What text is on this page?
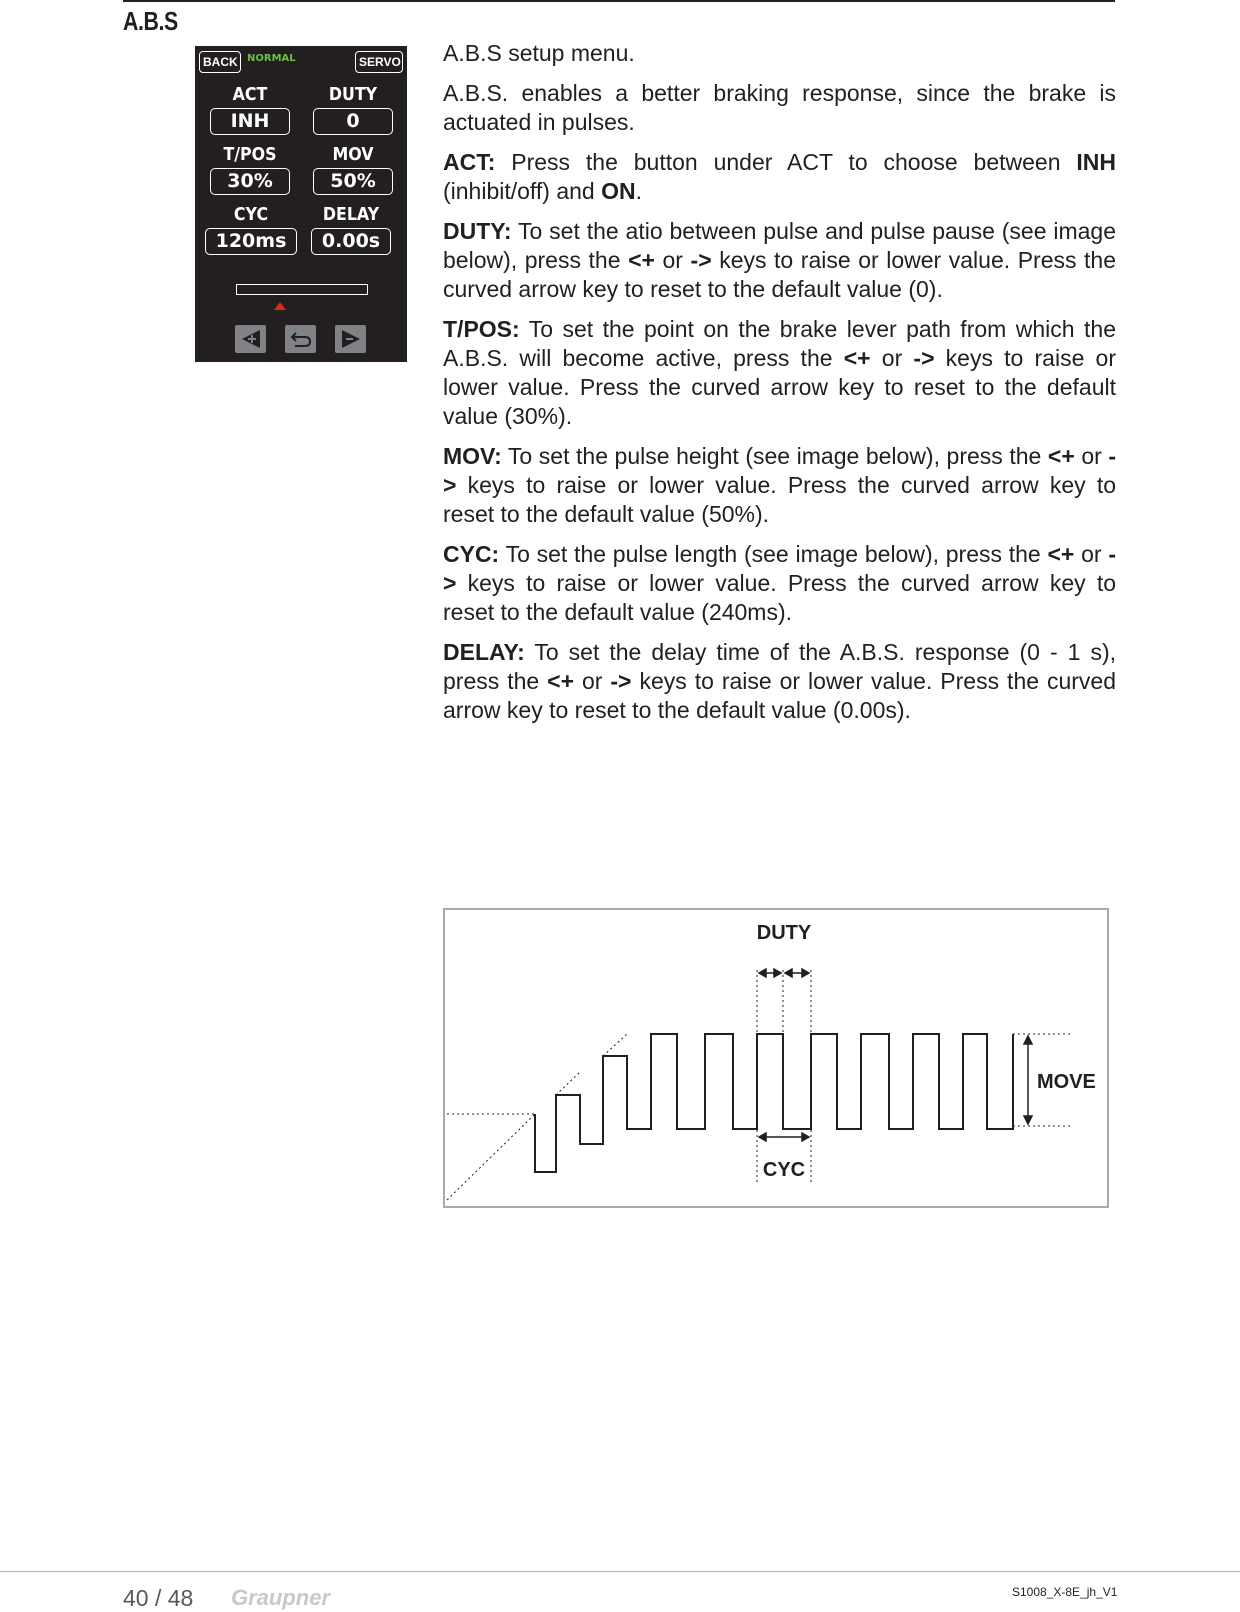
A.B.S
BACK NORMAL	SERVO
ACT
INH
DUTY
0
T/POS
30%
MOV
50%
CYC
120ms
DELAY
0.00s

A.B.S setup menu.

A.B.S. enables a better braking response, since the brake is actuated in pulses.

ACT: Press the button under ACT to choose between INH (inhibit/off) and ON.

DUTY: To set the atio between pulse and pulse pause (see image below), press the <+ or -> keys to raise or lower value. Press the curved arrow key to reset to the default value (0).

T/POS: To set the point on the brake lever path from which the A.B.S. will become active, press the <+ or -> keys to raise or lower value. Press the curved arrow key to reset to the default value (30%).

MOV: To set the pulse height (see image below), press the <+ or -> keys to raise or lower value. Press the curved arrow key to reset to the default value (50%).

CYC: To set the pulse length (see image below), press the <+ or -> keys to raise or lower value. Press the curved arrow key to reset to the default value (240ms).

DELAY: To set the delay time of the A.B.S. response (0 - 1 s), press the <+ or -> keys to raise or lower value. Press the curved arrow key to reset to the default value (0.00s).

DUTY
MOVE
CYC
40 / 48 Graupner	S1008_X-8E_jh_V1
